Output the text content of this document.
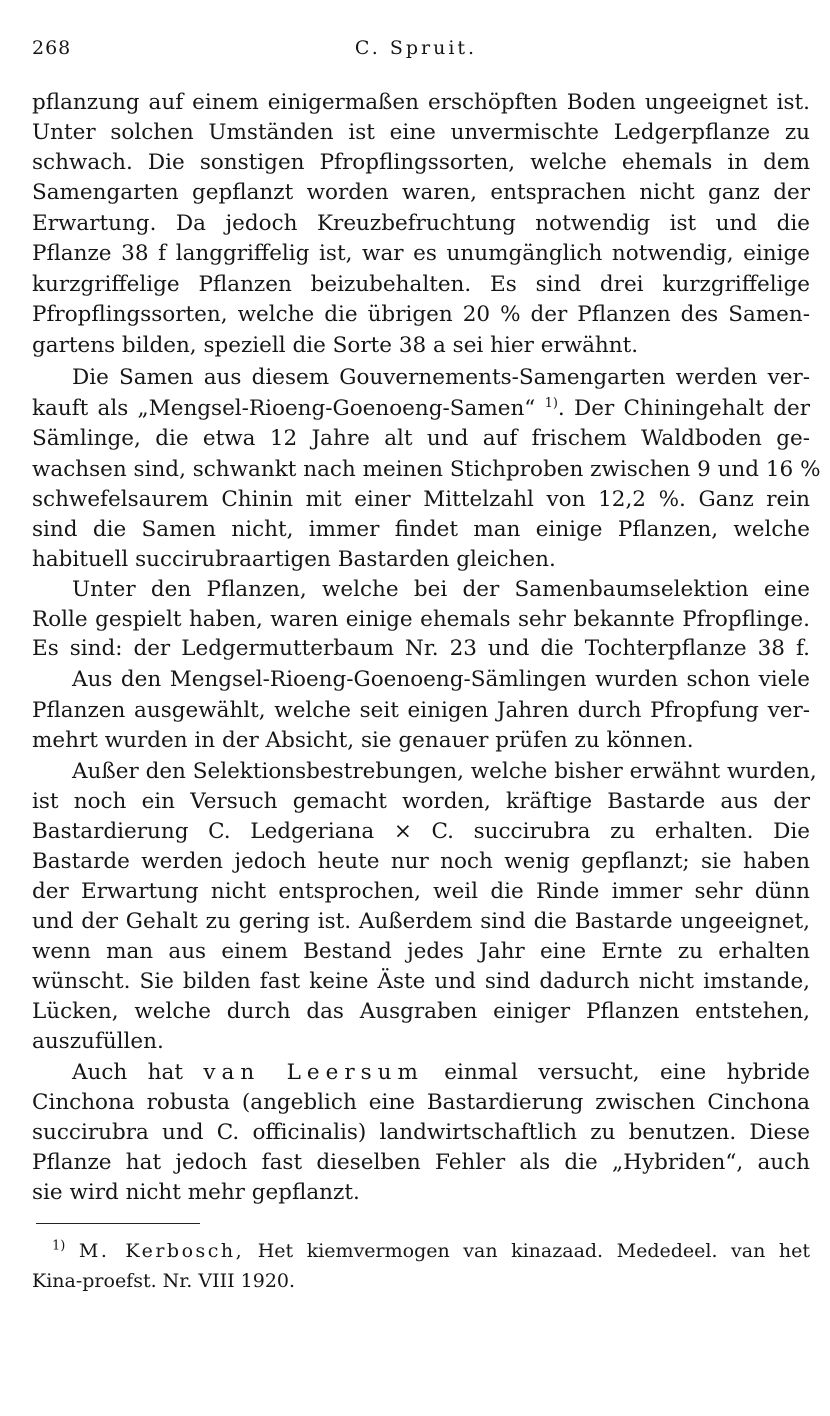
268	C. Spruit.
pflanzung auf einem einigermaßen erschöpften Boden ungeeignet ist.
Unter solchen Umständen ist eine unvermischte Ledgerpflanze zu
schwach. Die sonstigen Pfropflingssorten, welche ehemals in dem
Samengarten gepflanzt worden waren, entsprachen nicht ganz der
Erwartung. Da jedoch Kreuzbefruchtung notwendig ist und die
Pflanze 38 f langgriffelig ist, war es unumgänglich notwendig, einige
kurzgriffelige Pflanzen beizubehalten. Es sind drei kurzgriffelige
Pfropflingssorten, welche die übrigen 20 % der Pflanzen des Samen-
gartens bilden, speziell die Sorte 38 a sei hier erwähnt.
Die Samen aus diesem Gouvernements-Samengarten werden ver-
kauft als „Mengsel-Rioeng-Goenoeng-Samen“ $^{1)}$. Der Chiningehalt der
Sämlinge, die etwa 12 Jahre alt und auf frischem Waldboden ge-
wachsen sind, schwankt nach meinen Stichproben zwischen 9 und 16 %
schwefelsaurem Chinin mit einer Mittelzahl von 12,2 %. Ganz rein
sind die Samen nicht, immer findet man einige Pflanzen, welche
habituell succirubraartigen Bastarden gleichen.
Unter den Pflanzen, welche bei der Samenbaumselektion eine
Rolle gespielt haben, waren einige ehemals sehr bekannte Pfropflinge.
Es sind: der Ledgermutterbaum Nr. 23 und die Tochterpflanze 38 f.
Aus den Mengsel-Rioeng-Goenoeng-Sämlingen wurden schon viele
Pflanzen ausgewählt, welche seit einigen Jahren durch Pfropfung ver-
mehrt wurden in der Absicht, sie genauer prüfen zu können.
Außer den Selektionsbestrebungen, welche bisher erwähnt wurden,
ist noch ein Versuch gemacht worden, kräftige Bastarde aus der
Bastardierung C. Ledgeriana × C. succirubra zu erhalten. Die
Bastarde werden jedoch heute nur noch wenig gepflanzt; sie haben
der Erwartung nicht entsprochen, weil die Rinde immer sehr dünn
und der Gehalt zu gering ist. Außerdem sind die Bastarde ungeeignet,
wenn man aus einem Bestand jedes Jahr eine Ernte zu erhalten
wünscht. Sie bilden fast keine Äste und sind dadurch nicht imstande,
Lücken, welche durch das Ausgraben einiger Pflanzen entstehen,
auszufüllen.
Auch hat van Leersum einmal versucht, eine hybride
Cinchona robusta (angeblich eine Bastardierung zwischen Cinchona
succirubra und C. officinalis) landwirtschaftlich zu benutzen. Diese
Pflanze hat jedoch fast dieselben Fehler als die „Hybriden“, auch
sie wird nicht mehr gepflanzt.
$^{1)}$ M. Kerbosch, Het kiemvermogen van kinazaad. Mededeel. van het
Kina-proefst. Nr. VIII 1920.
